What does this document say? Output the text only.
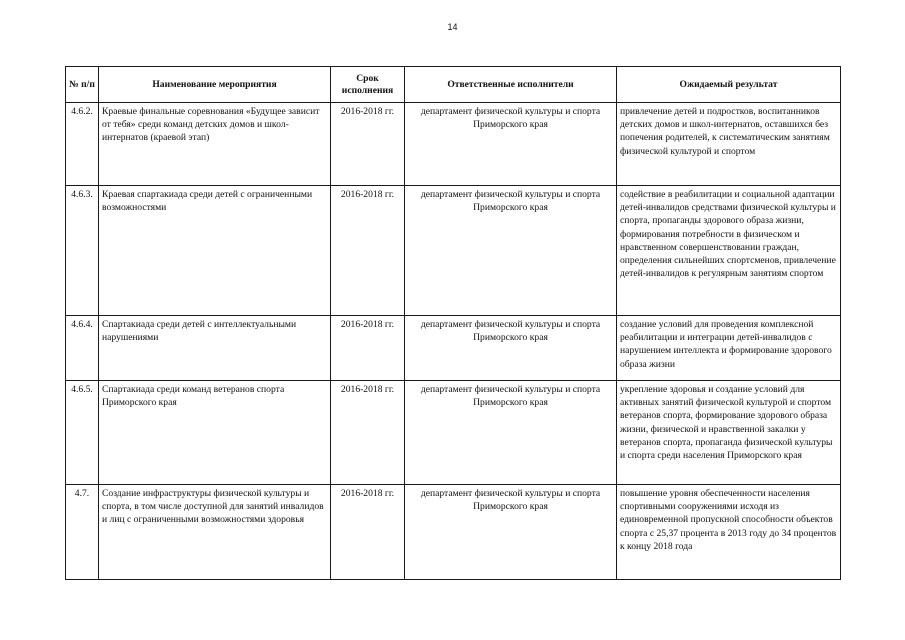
14
№ п/п	Наименование мероприятия	Срок исполнения	Ответственные исполнители	Ожидаемый результат
4.6.2.	Краевые финальные соревнования «Будущее зависит от тебя» среди команд детских домов и школ-интернатов (краевой этап)	2016-2018 гг.	департамент физической культуры и спорта Приморского края	привлечение детей и подростков, воспитанников детских домов и школ-интернатов, оставшихся без попечения родителей, к систематическим занятиям физической культурой и спортом
4.6.3.	Краевая спартакиада среди детей с ограниченными возможностями	2016-2018 гг.	департамент физической культуры и спорта Приморского края	содействие в реабилитации и социальной адаптации детей-инвалидов средствами физической культуры и спорта, пропаганды здорового образа жизни, формирования потребности в физическом и нравственном совершенствовании граждан, определения сильнейших спортсменов, привлечение детей-инвалидов к регулярным занятиям спортом
4.6.4.	Спартакиада среди детей с интеллектуальными нарушениями	2016-2018 гг.	департамент физической культуры и спорта Приморского края	создание условий для проведения комплексной реабилитации и интеграции детей-инвалидов с нарушением интеллекта и формирование здорового образа жизни
4.6.5.	Спартакиада среди команд ветеранов спорта Приморского края	2016-2018 гг.	департамент физической культуры и спорта Приморского края	укрепление здоровья и создание условий для активных занятий физической культурой и спортом ветеранов спорта, формирование здорового образа жизни, физической и нравственной закалки у ветеранов спорта, пропаганда физической культуры и спорта среди населения Приморского края
4.7.	Создание инфраструктуры физической культуры и спорта, в том числе доступной для занятий инвалидов и лиц с ограниченными возможностями здоровья	2016-2018 гг.	департамент физической культуры и спорта Приморского края	повышение уровня обеспеченности населения спортивными сооружениями исходя из единовременной пропускной способности объектов спорта с 25,37 процента в 2013 году до 34 процентов к концу 2018 года
